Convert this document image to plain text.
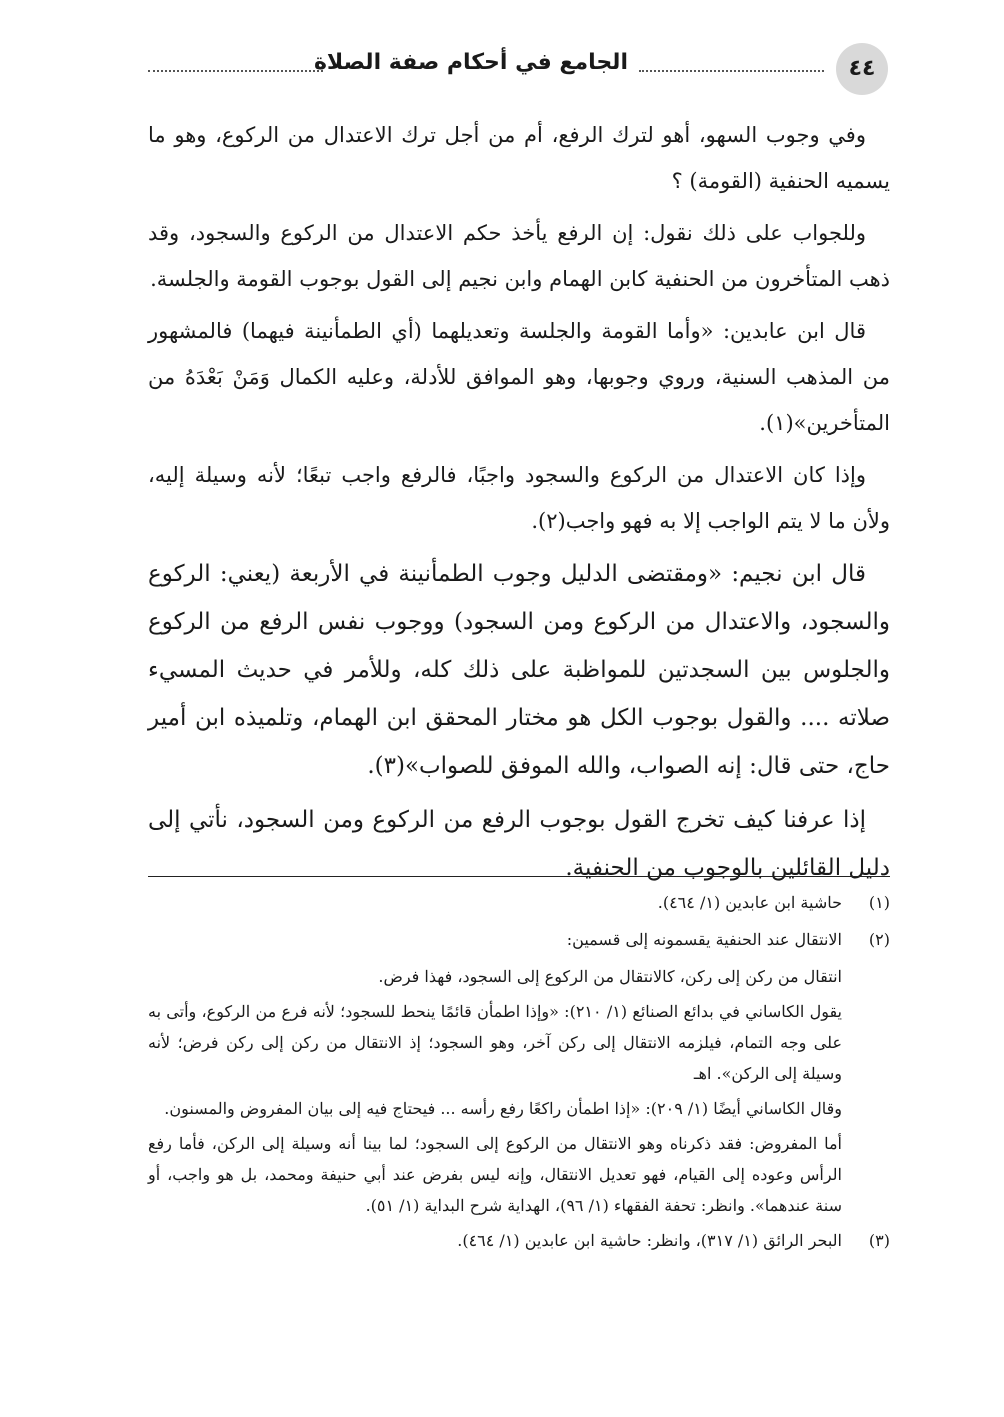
٤٤
الجامع في أحكام صفة الصلاة

وفي وجوب السهو، أهو لترك الرفع، أم من أجل ترك الاعتدال من الركوع، وهو ما يسميه الحنفية (القومة) ؟

وللجواب على ذلك نقول: إن الرفع يأخذ حكم الاعتدال من الركوع والسجود، وقد ذهب المتأخرون من الحنفية كابن الهمام وابن نجيم إلى القول بوجوب القومة والجلسة.

قال ابن عابدين: «وأما القومة والجلسة وتعديلهما (أي الطمأنينة فيهما) فالمشهور من المذهب السنية، وروي وجوبها، وهو الموافق للأدلة، وعليه الكمال وَمَنْ بَعْدَهُ من المتأخرين»(١).

وإذا كان الاعتدال من الركوع والسجود واجبًا، فالرفع واجب تبعًا؛ لأنه وسيلة إليه، ولأن ما لا يتم الواجب إلا به فهو واجب(٢).

قال ابن نجيم: «ومقتضى الدليل وجوب الطمأنينة في الأربعة (يعني: الركوع والسجود، والاعتدال من الركوع ومن السجود) ووجوب نفس الرفع من الركوع والجلوس بين السجدتين للمواظبة على ذلك كله، وللأمر في حديث المسيء صلاته .... والقول بوجوب الكل هو مختار المحقق ابن الهمام، وتلميذه ابن أمير حاج، حتى قال: إنه الصواب، والله الموفق للصواب»(٣).

إذا عرفنا كيف تخرج القول بوجوب الرفع من الركوع ومن السجود، نأتي إلى دليل القائلين بالوجوب من الحنفية.

(١)
حاشية ابن عابدين (١/ ٤٦٤).
(٢)
الانتقال عند الحنفية يقسمونه إلى قسمين:
انتقال من ركن إلى ركن، كالانتقال من الركوع إلى السجود، فهذا فرض.
يقول الكاساني في بدائع الصنائع (١/ ٢١٠): «وإذا اطمأن قائمًا ينحط للسجود؛ لأنه فرع من الركوع، وأتى به على وجه التمام، فيلزمه الانتقال إلى ركن آخر، وهو السجود؛ إذ الانتقال من ركن إلى ركن فرض؛ لأنه وسيلة إلى الركن». اهـ
وقال الكاساني أيضًا (١/ ٢٠٩): «إذا اطمأن راكعًا رفع رأسه ... فيحتاج فيه إلى بيان المفروض والمسنون.
أما المفروض: فقد ذكرناه وهو الانتقال من الركوع إلى السجود؛ لما بينا أنه وسيلة إلى الركن، فأما رفع الرأس وعوده إلى القيام، فهو تعديل الانتقال، وإنه ليس بفرض عند أبي حنيفة ومحمد، بل هو واجب، أو سنة عندهما». وانظر: تحفة الفقهاء (١/ ٩٦)، الهداية شرح البداية (١/ ٥١).
(٣)
البحر الرائق (١/ ٣١٧)، وانظر: حاشية ابن عابدين (١/ ٤٦٤).
